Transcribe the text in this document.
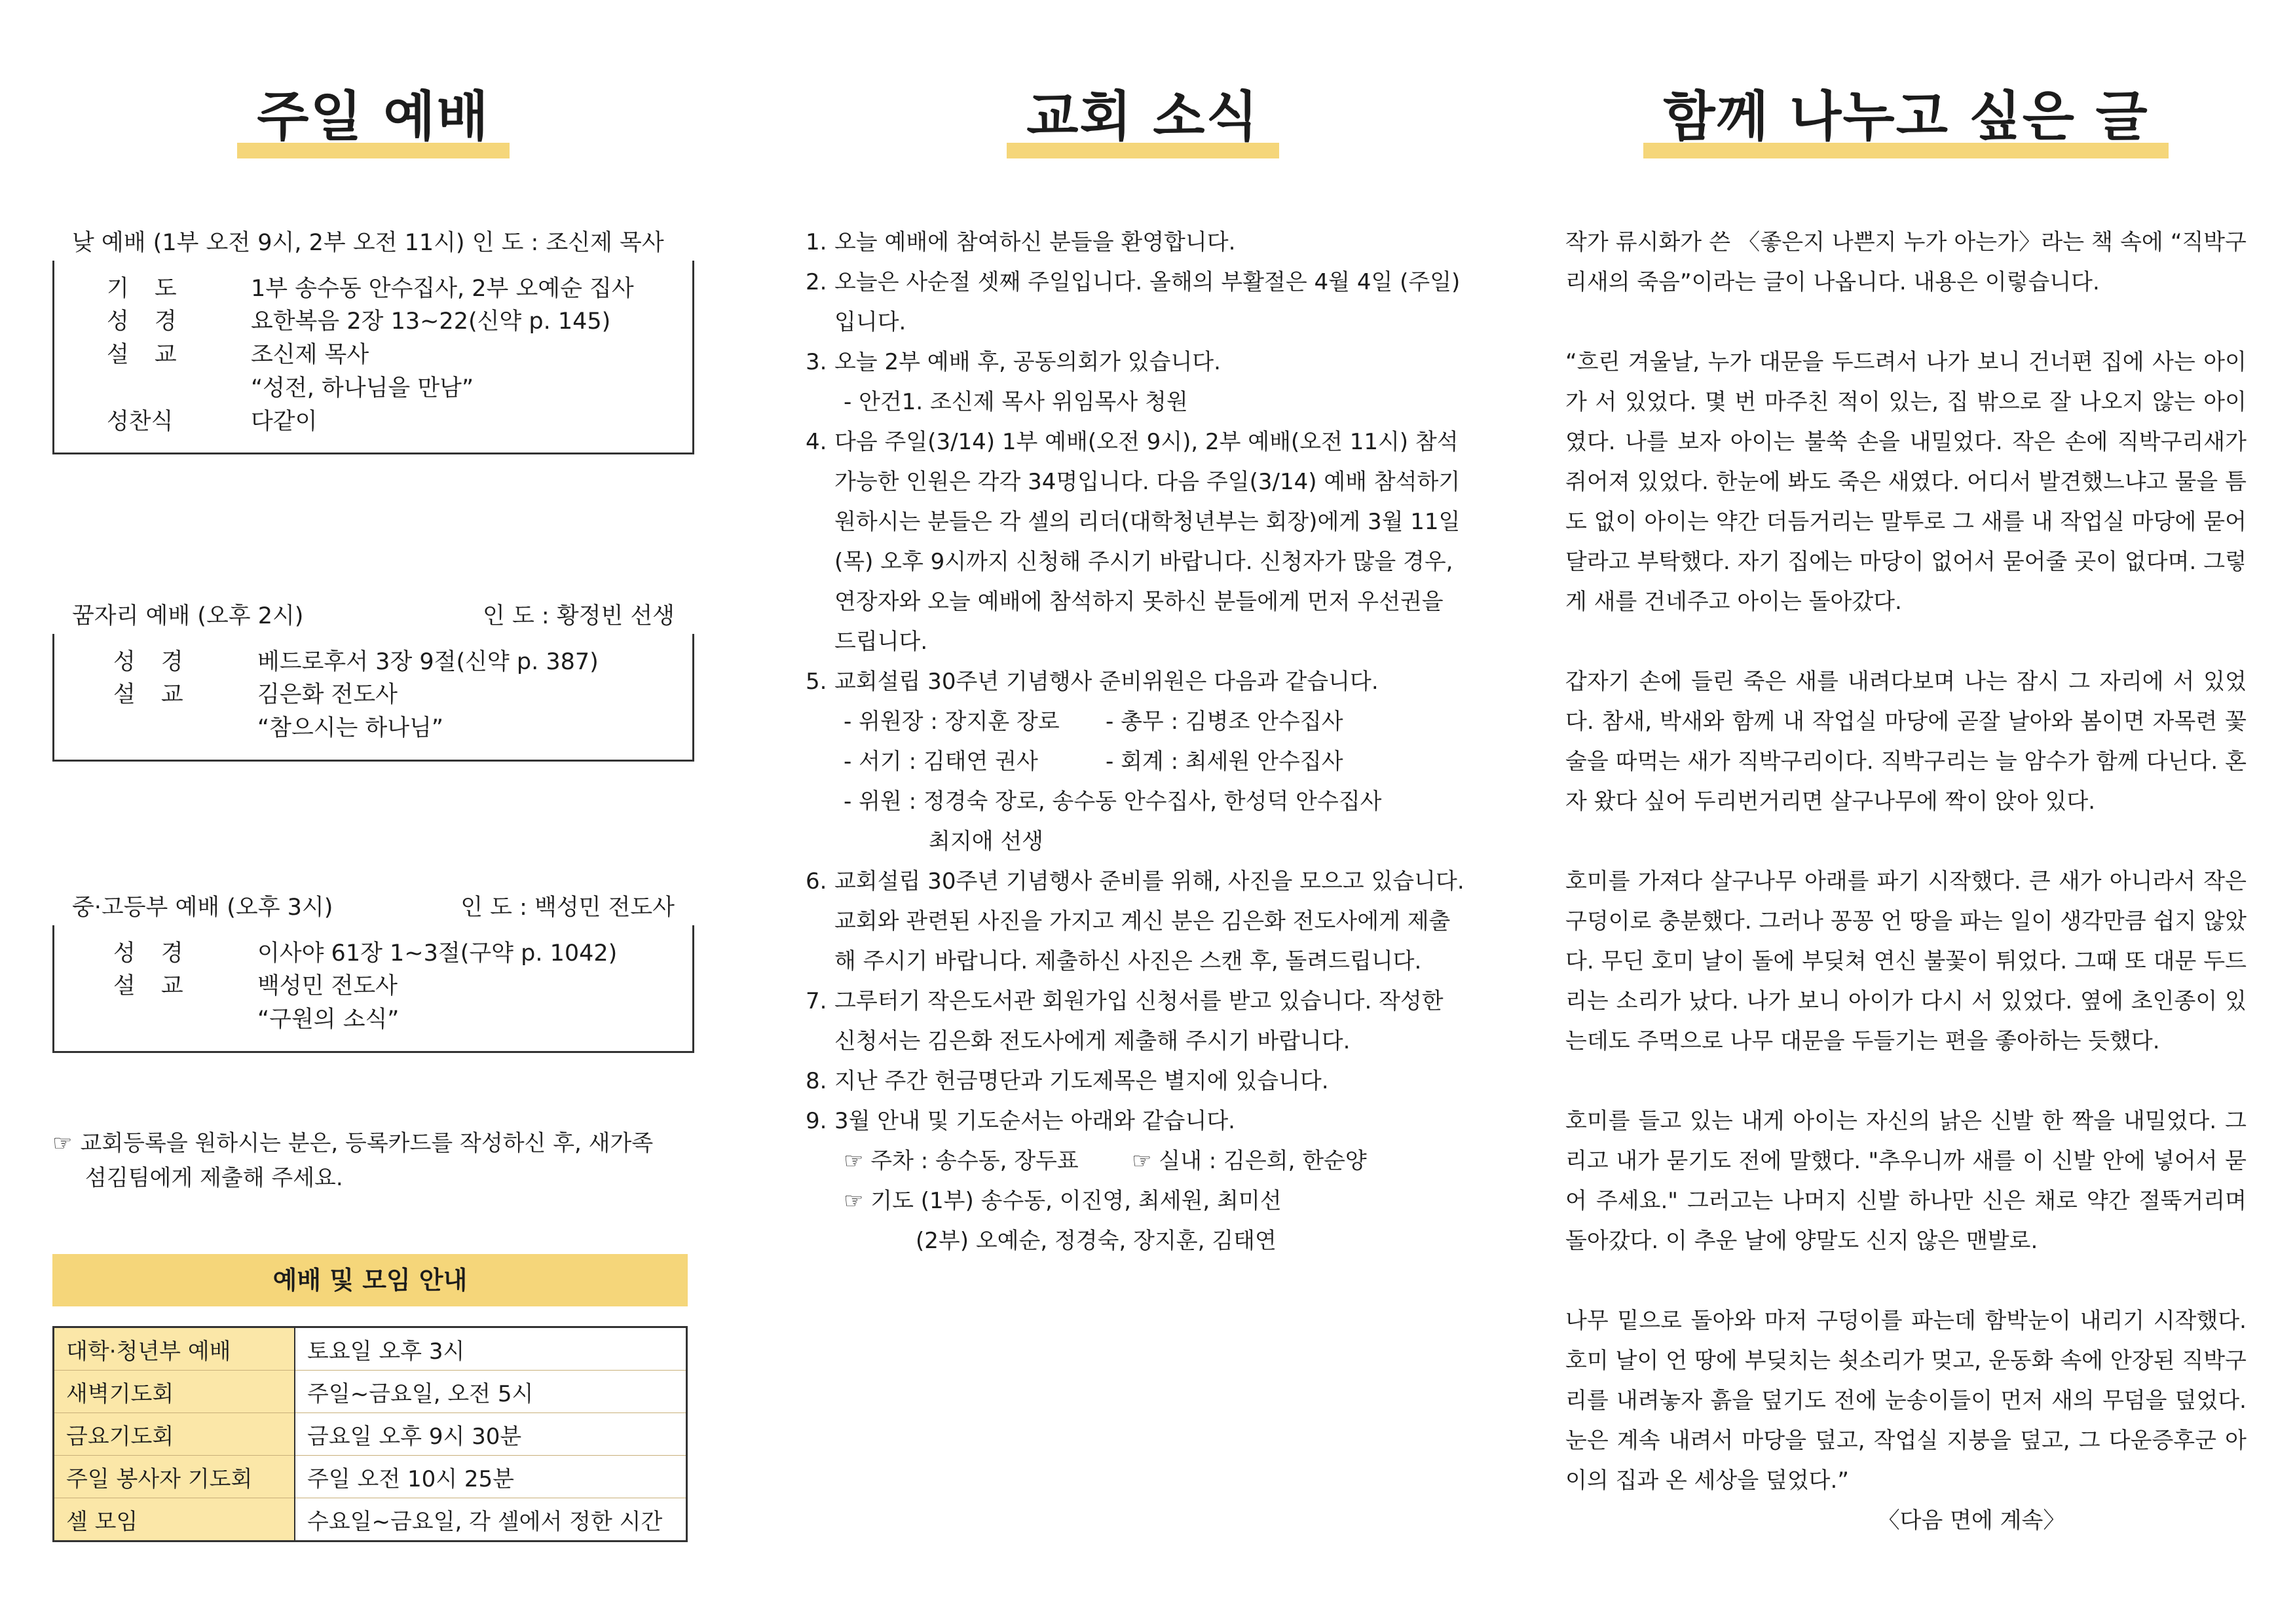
주일 예배
낮 예배 (1부 오전 9시, 2부 오전 11시) 인 도 : 조신제 목사
기 도	1부 송수동 안수집사, 2부 오예순 집사
성 경	요한복음 2장 13~22(신약 p. 145)
설 교	조신제 목사
“성전, 하나님을 만남”
성찬식	다같이
꿈자리 예배 (오후 2시)	인 도 : 황정빈 선생
성 경	베드로후서 3장 9절(신약 p. 387)
설 교	김은화 전도사
“참으시는 하나님”
중·고등부 예배 (오후 3시)	인 도 : 백성민 전도사
성 경	이사야 61장 1~3절(구약 p. 1042)
설 교	백성민 전도사
“구원의 소식”
☞ 교회등록을 원하시는 분은, 등록카드를 작성하신 후, 새가족
섬김팀에게 제출해 주세요.
예배 및 모임 안내
대학·청년부 예배	토요일 오후 3시
새벽기도회	주일~금요일, 오전 5시
금요기도회	금요일 오후 9시 30분
주일 봉사자 기도회	주일 오전 10시 25분
셀 모임	수요일~금요일, 각 셀에서 정한 시간
교회 소식
1. 오늘 예배에 참여하신 분들을 환영합니다.
2. 오늘은 사순절 셋째 주일입니다. 올해의 부활절은 4월 4일 (주일)
입니다.
3. 오늘 2부 예배 후, 공동의회가 있습니다.
- 안건1. 조신제 목사 위임목사 청원
4. 다음 주일(3/14) 1부 예배(오전 9시), 2부 예배(오전 11시) 참석
가능한 인원은 각각 34명입니다. 다음 주일(3/14) 예배 참석하기
원하시는 분들은 각 셀의 리더(대학청년부는 회장)에게 3월 11일
(목) 오후 9시까지 신청해 주시기 바랍니다. 신청자가 많을 경우,
연장자와 오늘 예배에 참석하지 못하신 분들에게 먼저 우선권을
드립니다.
5. 교회설립 30주년 기념행사 준비위원은 다음과 같습니다.
- 위원장 : 장지훈 장로	- 총무 : 김병조 안수집사
- 서기 : 김태연 권사	- 회계 : 최세원 안수집사
- 위원 : 정경숙 장로, 송수동 안수집사, 한성덕 안수집사
최지애 선생
6. 교회설립 30주년 기념행사 준비를 위해, 사진을 모으고 있습니다.
교회와 관련된 사진을 가지고 계신 분은 김은화 전도사에게 제출
해 주시기 바랍니다. 제출하신 사진은 스캔 후, 돌려드립니다.
7. 그루터기 작은도서관 회원가입 신청서를 받고 있습니다. 작성한
신청서는 김은화 전도사에게 제출해 주시기 바랍니다.
8. 지난 주간 헌금명단과 기도제목은 별지에 있습니다.
9. 3월 안내 및 기도순서는 아래와 같습니다.
☞ 주차 : 송수동, 장두표	☞ 실내 : 김은희, 한순양
☞ 기도 (1부) 송수동, 이진영, 최세원, 최미선
(2부) 오예순, 정경숙, 장지훈, 김태연
함께 나누고 싶은 글

작가 류시화가 쓴 〈좋은지 나쁜지 누가 아는가〉라는 책 속에 “직박구리새의 죽음”이라는 글이 나옵니다. 내용은 이렇습니다.

“흐린 겨울날, 누가 대문을 두드려서 나가 보니 건너편 집에 사는 아이가 서 있었다. 몇 번 마주친 적이 있는, 집 밖으로 잘 나오지 않는 아이였다. 나를 보자 아이는 불쑥 손을 내밀었다. 작은 손에 직박구리새가 쥐어져 있었다. 한눈에 봐도 죽은 새였다. 어디서 발견했느냐고 물을 틈도 없이 아이는 약간 더듬거리는 말투로 그 새를 내 작업실 마당에 묻어 달라고 부탁했다. 자기 집에는 마당이 없어서 묻어줄 곳이 없다며. 그렇게 새를 건네주고 아이는 돌아갔다.

갑자기 손에 들린 죽은 새를 내려다보며 나는 잠시 그 자리에 서 있었다. 참새, 박새와 함께 내 작업실 마당에 곧잘 날아와 봄이면 자목련 꽃술을 따먹는 새가 직박구리이다. 직박구리는 늘 암수가 함께 다닌다. 혼자 왔다 싶어 두리번거리면 살구나무에 짝이 앉아 있다.

호미를 가져다 살구나무 아래를 파기 시작했다. 큰 새가 아니라서 작은 구덩이로 충분했다. 그러나 꽁꽁 언 땅을 파는 일이 생각만큼 쉽지 않았다. 무딘 호미 날이 돌에 부딪쳐 연신 불꽃이 튀었다. 그때 또 대문 두드리는 소리가 났다. 나가 보니 아이가 다시 서 있었다. 옆에 초인종이 있는데도 주먹으로 나무 대문을 두들기는 편을 좋아하는 듯했다.

호미를 들고 있는 내게 아이는 자신의 낡은 신발 한 짝을 내밀었다. 그리고 내가 묻기도 전에 말했다. "추우니까 새를 이 신발 안에 넣어서 묻어 주세요." 그러고는 나머지 신발 하나만 신은 채로 약간 절뚝거리며 돌아갔다. 이 추운 날에 양말도 신지 않은 맨발로.

나무 밑으로 돌아와 마저 구덩이를 파는데 함박눈이 내리기 시작했다. 호미 날이 언 땅에 부딪치는 쇳소리가 멎고, 운동화 속에 안장된 직박구리를 내려놓자 흙을 덮기도 전에 눈송이들이 먼저 새의 무덤을 덮었다. 눈은 계속 내려서 마당을 덮고, 작업실 지붕을 덮고, 그 다운증후군 아이의 집과 온 세상을 덮었다.”

〈다음 면에 계속〉
